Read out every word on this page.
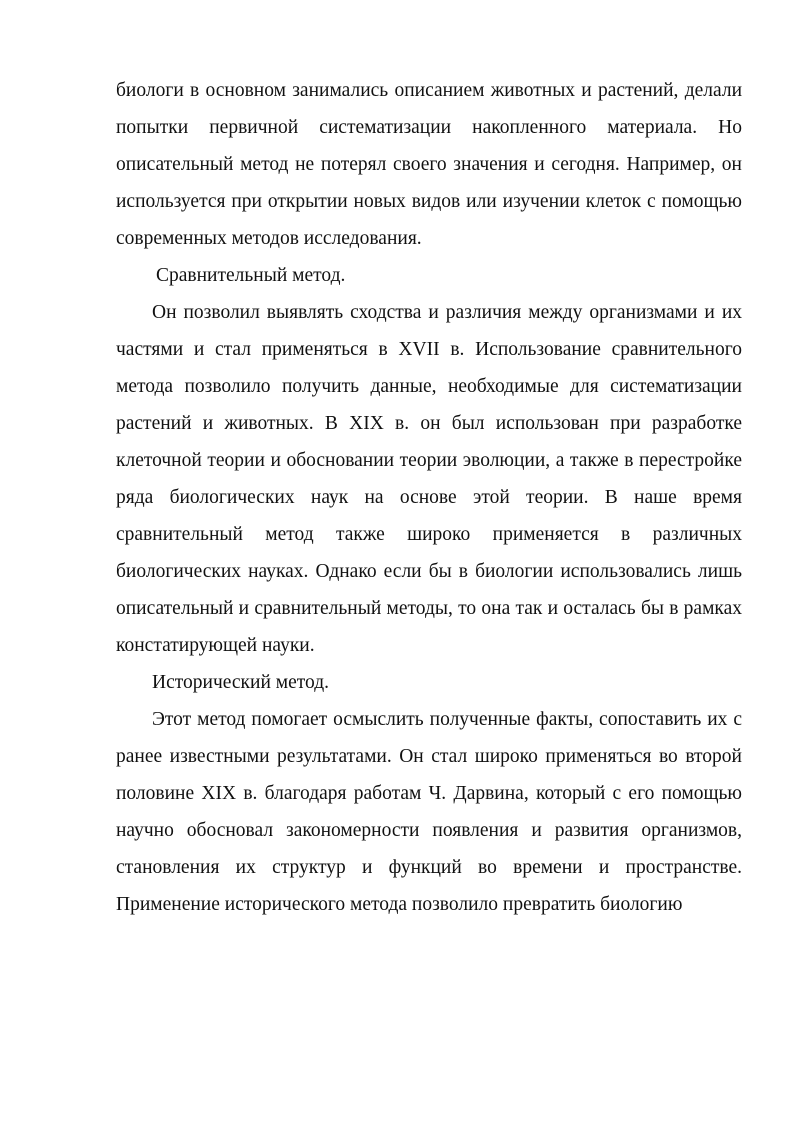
биологи в основном занимались описанием животных и растений, делали попытки первичной систематизации накопленного материала. Но описательный метод не потерял своего значения и сегодня. Например, он используется при открытии новых видов или изучении клеток с помощью современных методов исследования.

Сравнительный метод.

Он позволил выявлять сходства и различия между организмами и их частями и стал применяться в XVII в. Использование сравнительного метода позволило получить данные, необходимые для систематизации растений и животных. В XIX в. он был использован при разработке клеточной теории и обосновании теории эволюции, а также в перестройке ряда биологических наук на основе этой теории. В наше время сравнительный метод также широко применяется в различных биологических науках. Однако если бы в биологии использовались лишь описательный и сравнительный методы, то она так и осталась бы в рамках констатирующей науки.

Исторический метод.

Этот метод помогает осмыслить полученные факты, сопоставить их с ранее известными результатами. Он стал широко применяться во второй половине XIX в. благодаря работам Ч. Дарвина, который с его помощью научно обосновал закономерности появления и развития организмов, становления их структур и функций во времени и пространстве. Применение исторического метода позволило превратить биологию
